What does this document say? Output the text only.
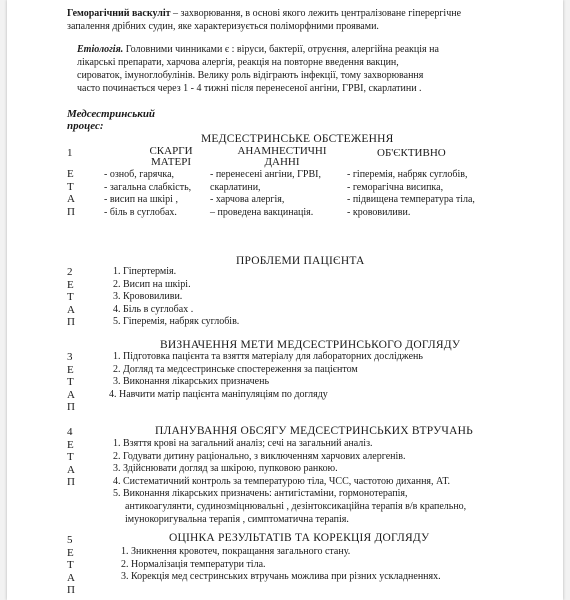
Геморагічний васкуліт – захворювання, в основі якого лежить централізоване гіперергічне
запалення дрібних судин, яке характеризується поліморфними проявами.
Етіологія. Головними чинниками є : віруси, бактерії, отруєння, алергійна реакція на
лікарські препарати, харчова алергія, реакція на повторне введення вакцин,
сироваток, імуноглобулінів. Велику роль відіграють інфекції, тому захворювання
часто починається через 1 - 4 тижні після перенесеної ангіни, ГРВІ, скарлатини .
Медсестринський
процес:
МЕДСЕСТРИНСЬКЕ ОБСТЕЖЕННЯ
1	СКАРГИ
МАТЕРІ
АНАМНЕСТИЧНІ
ДАННІ
ОБ'ЄКТИВНО
Е
Т
А
П
- озноб, гарячка,
- загальна слабкість,
- висип на шкірі ,
- біль в суглобах.
- перенесені ангіни, ГРВІ,
скарлатини,
- харчова алергія,
– проведена вакцинація.
- гіперемія, набряк суглобів,
- геморагічна висипка,
- підвищена температура тіла,
- крововиливи.
ПРОБЛЕМИ ПАЦІЄНТА
2
Е
Т
А
П
1. Гіпертермія.
2. Висип на шкірі.
3. Крововиливи.
4. Біль в суглобах .
5. Гіперемія, набряк суглобів.
ВИЗНАЧЕННЯ МЕТИ МЕДСЕСТРИНСЬКОГО ДОГЛЯДУ
3
Е
Т
А
П
1. Підготовка пацієнта та взяття матеріалу для лабораторних досліджень
2. Догляд та медсестринське спостереження за пацієнтом
3. Виконання лікарських призначень
4. Навчити матір пацієнта маніпуляціям по догляду
ПЛАНУВАННЯ ОБСЯГУ МЕДСЕСТРИНСЬКИХ ВТРУЧАНЬ
4
Е
Т
А
П
1. Взяття крові на загальний аналіз; сечі на загальний аналіз.
2. Годувати дитину раціонально, з виключенням харчових алергенів.
3. Здійснювати догляд за шкірою, пупковою ранкою.
4. Систематичний контроль за температурою тіла, ЧСС, частотою дихання, АТ.
5. Виконання лікарських призначень: антигістаміни, гормонотерапія,
антикоагулянти, судинозміцнювальні , дезінтоксикаційна терапія в/в крапельно,
імунокоригувальна терапія , симптоматична терапія.
ОЦІНКА РЕЗУЛЬТАТІВ ТА КОРЕКЦІЯ ДОГЛЯДУ
5
Е
Т
А
П
1. Зникнення кровотеч, покращання загального стану.
2. Нормалізація температури тіла.
3. Корекція мед сестринських втручань можлива при різних ускладненнях.
